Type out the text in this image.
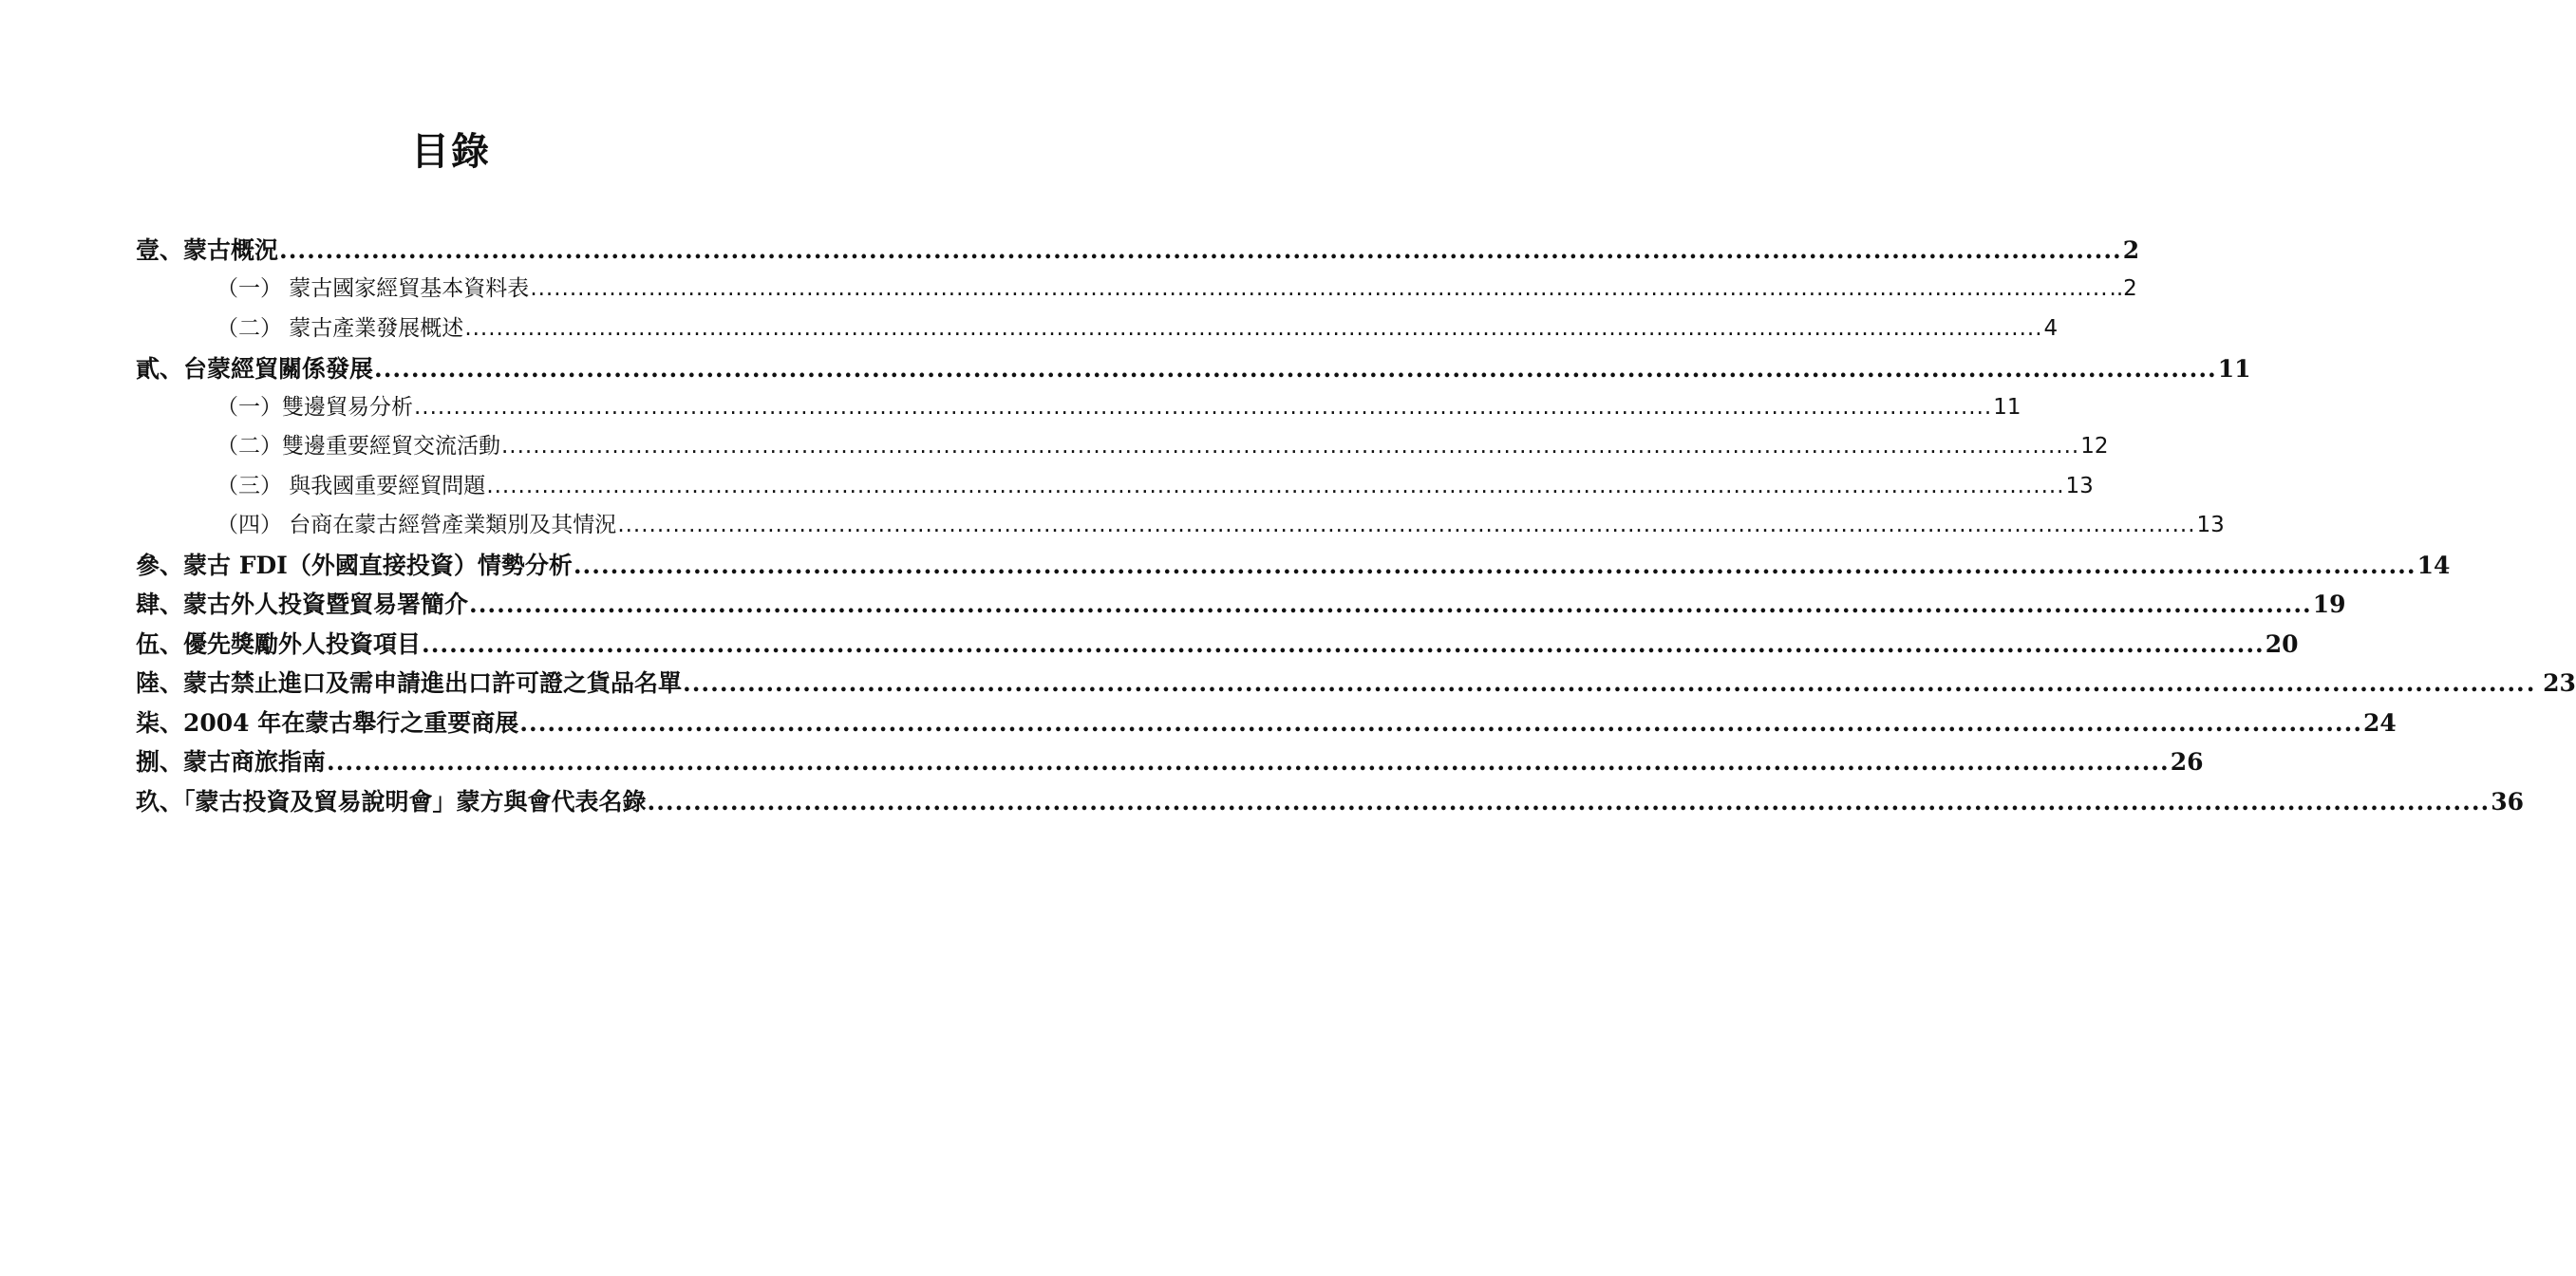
目錄
壹、蒙古概況 ........................................................................................................................................................................................................ 2
（一） 蒙古國家經貿基本資料表 ........................................................................................................................................................................................................ ..2
（二） 蒙古產業發展概述 ........................................................................................................................................................................................................ 4
貳、台蒙經貿關係發展 ........................................................................................................................................................................................................ 11
（一）雙邊貿易分析 ........................................................................................................................................................................................................ 11
（二）雙邊重要經貿交流活動 ........................................................................................................................................................................................................ 12
（三） 與我國重要經貿問題 ........................................................................................................................................................................................................ 13
（四） 台商在蒙古經營產業類別及其情況 ........................................................................................................................................................................................................ 13
參、蒙古 FDI（外國直接投資）情勢分析 ........................................................................................................................................................................................................ 14
肆、蒙古外人投資暨貿易署簡介 ........................................................................................................................................................................................................ 19
伍、優先獎勵外人投資項目 ........................................................................................................................................................................................................ 20
陸、蒙古禁止進口及需申請進出口許可證之貨品名單 ........................................................................................................................................................................................................ . 23
柒、2004 年在蒙古舉行之重要商展 ........................................................................................................................................................................................................ 24
捌、蒙古商旅指南 ........................................................................................................................................................................................................ 26
玖、「蒙古投資及貿易說明會」蒙方與會代表名錄 ........................................................................................................................................................................................................ 36
